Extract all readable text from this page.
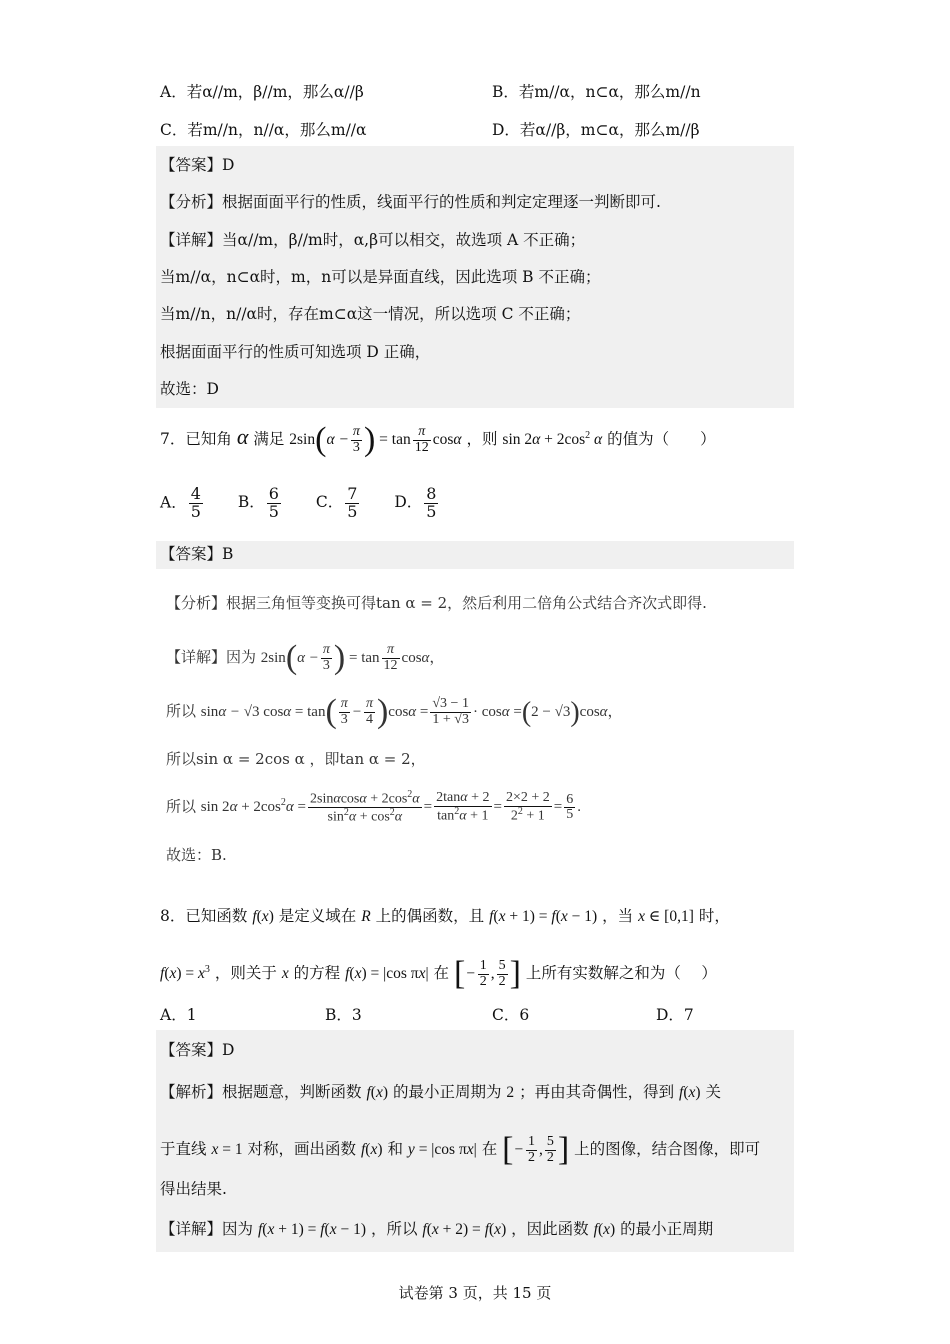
A．若α//m，β//m，那么α//β	B．若m//α，n⊂α，那么m//n
C．若m//n，n//α，那么m//α	D．若α//β，m⊂α，那么m//β
【答案】D
【分析】根据面面平行的性质，线面平行的性质和判定定理逐一判断即可.
【详解】当α//m，β//m时，α,β可以相交，故选项 A 不正确；
当m//α，n⊂α时，m，n可以是异面直线，因此选项 B 不正确；
当m//n，n//α时，存在m⊂α这一情况，所以选项 C 不正确；
根据面面平行的性质可知选项 D 正确，
故选：D
7．已知角 α 满足 $2\sin(\alpha - \frac{\pi}{3}$ ) = $\tan \frac{\pi}{12}$ cosα ，则 $\sin 2\alpha + 2\cos^2$ α 的值为（　　）
A． $\frac{4}{5}$ B． $\frac{6}{5}$ C． $\frac{7}{5}$ D． $\frac{8}{5}$
【答案】B
【分析】根据三角恒等变换可得tan α = 2，然后利用二倍角公式结合齐次式即得.
【详解】因为 $2\sin(\alpha - \frac{\pi}{3}$ ) = $\tan \frac{\pi}{12}$ cosα，
所以 sinα − √3 $\cos\alpha = \tan( \frac{\pi}{3} - \frac{\pi}{4} )\cos\alpha = \frac{√3 - 1}{1 + √3} \cdot \cos\alpha =(2 - √3)\cos\alpha$，
所以sin α = 2cos α ，即tan α = 2，
所以 $\sin 2\alpha + 2\cos^2\alpha = \frac{2\sin\alpha\cos\alpha + 2\cos^2\alpha}{\sin^2\alpha + \cos^2\alpha} = \frac{2\tan\alpha + 2}{\tan^2\alpha + 1} = \frac{2\times 2 + 2}{2^2 + 1} = \frac{6}{5}$ .
故选：B.
8．已知函数 f(x) 是定义域在 R 上的偶函数，且 f(x + 1) = f(x − 1) ，当 x ∈ [0,1] 时，
$f(x) = x^3$ ，则关于 x 的方程 f(x) = |cos πx| 在 [− $\frac{1}{2}$ , $\frac{5}{2}$ ] 上所有实数解之和为（　 ）
A．1	B．3	C．6	D．7
【答案】D
【解析】根据题意，判断函数 f(x) 的最小正周期为 2 ；再由其奇偶性，得到 f(x) 关
于直线 x = 1 对称，画出函数 f(x) 和 y = |cos πx| 在 [− $\frac{1}{2}$ , $\frac{5}{2}$ ] 上的图像，结合图像，即可
得出结果.
【详解】因为 f(x + 1) = f(x − 1) ，所以 f(x + 2) = f(x) ，因此函数 f(x) 的最小正周期
试卷第 3 页，共 15 页
